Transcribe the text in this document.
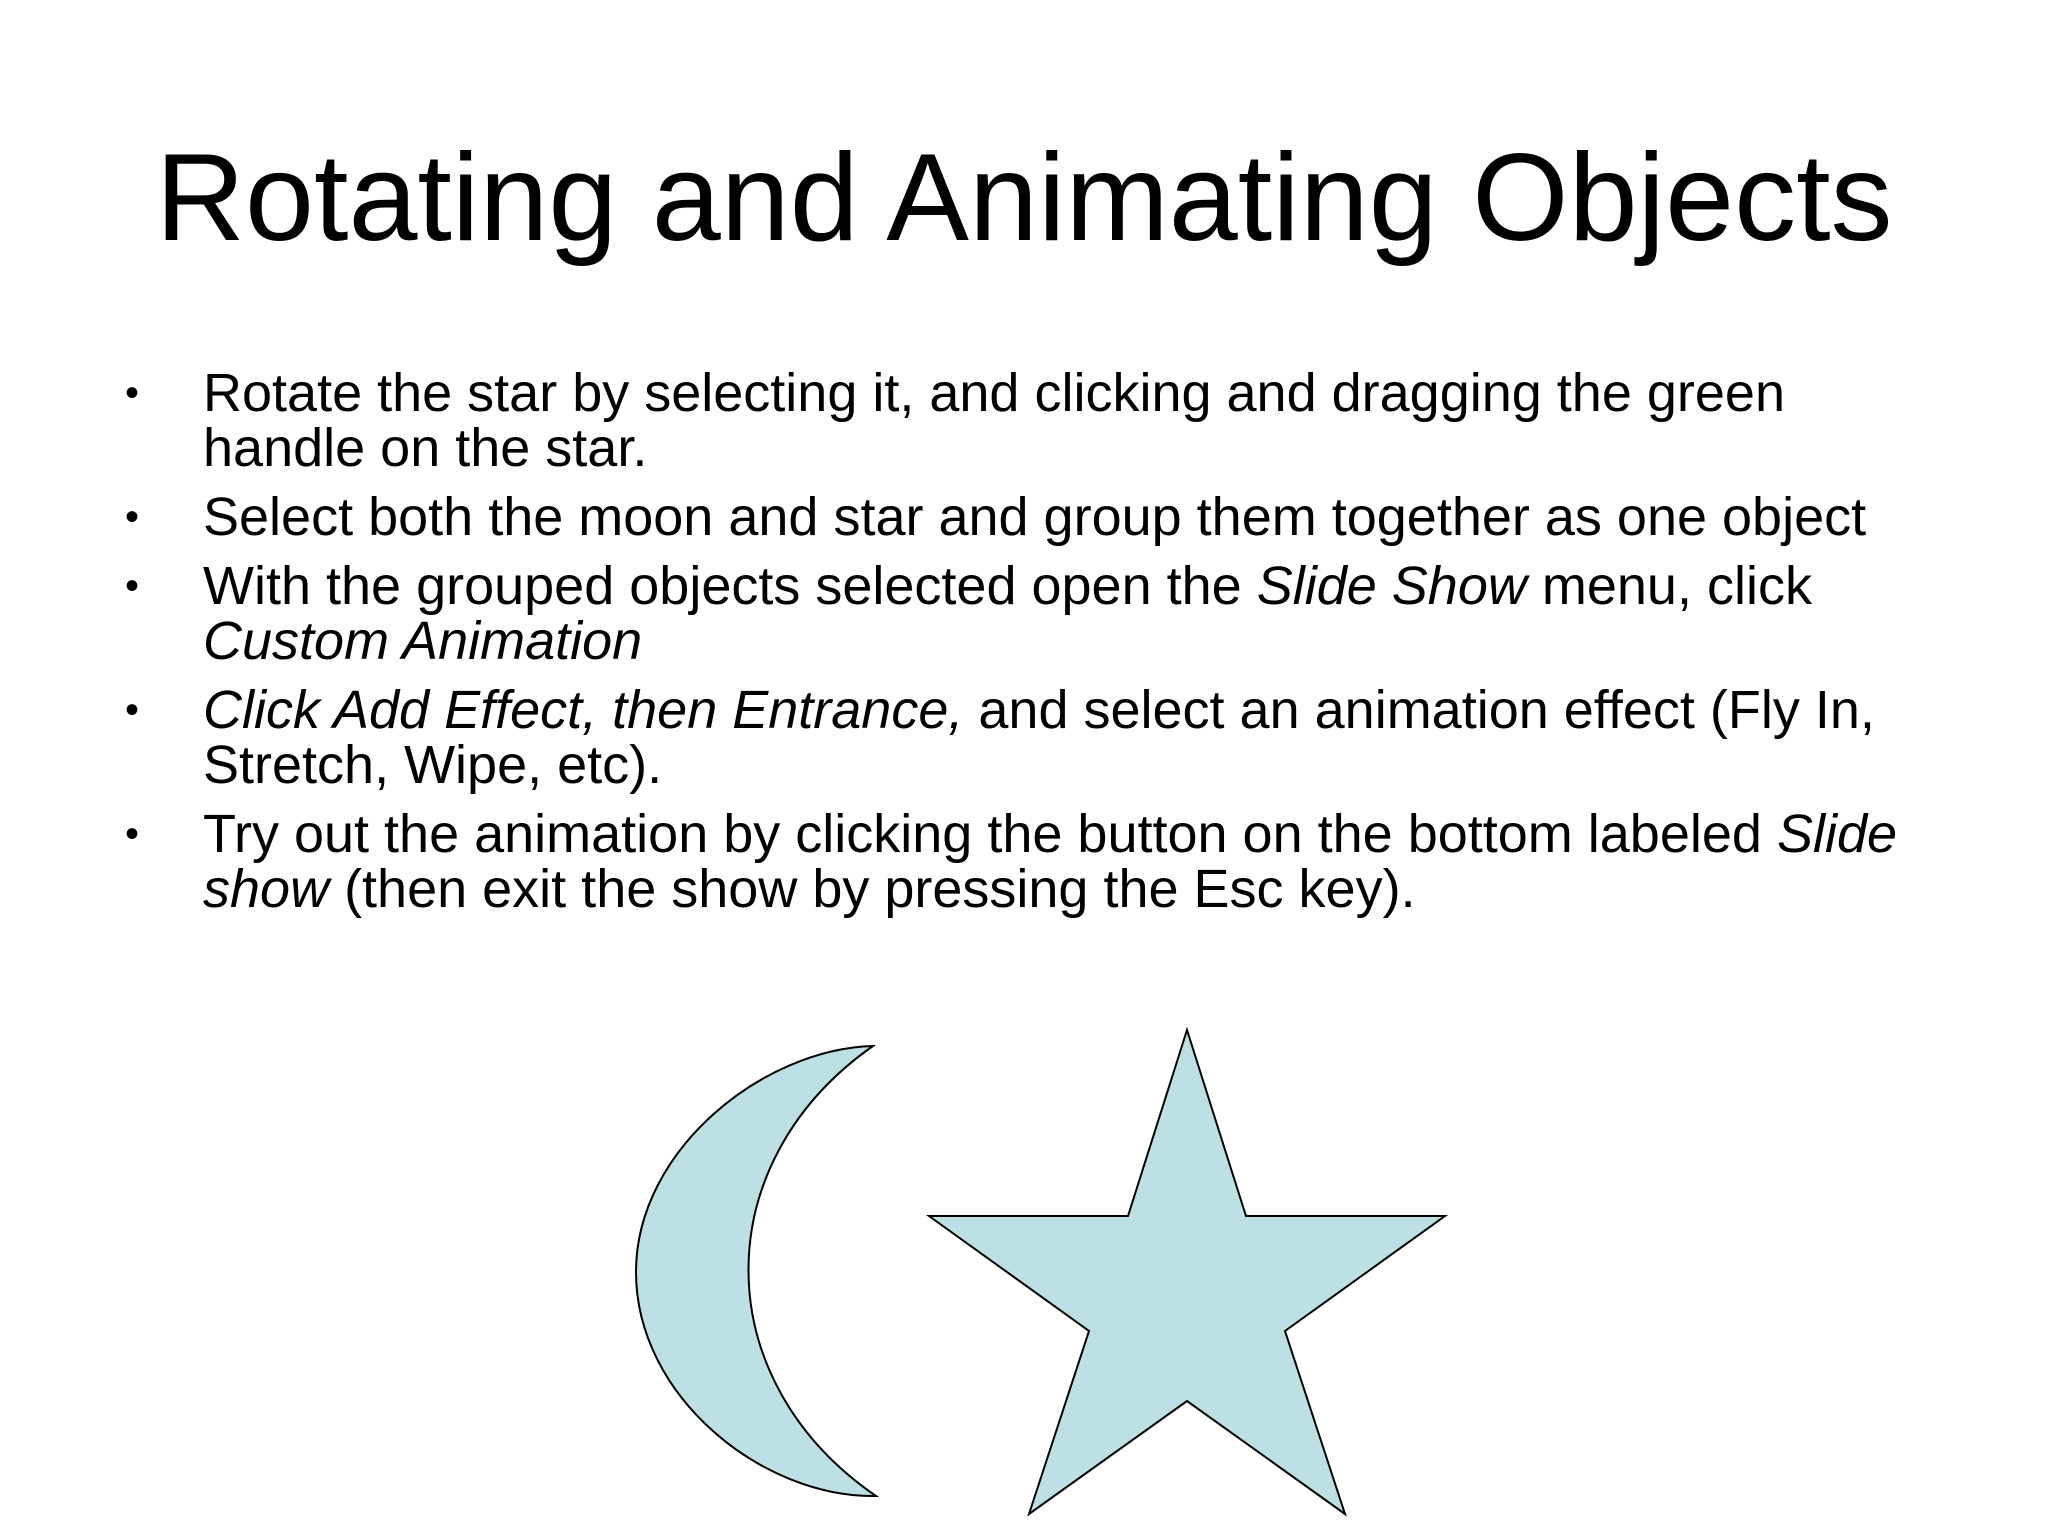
Rotating and Animating Objects
• Rotate the star by selecting it, and clicking and dragging the green handle on the star.
• Select both the moon and star and group them together as one object
• With the grouped objects selected open the Slide Show menu, click Custom Animation
• Click Add Effect, then Entrance, and select an animation effect (Fly In, Stretch, Wipe, etc).
• Try out the animation by clicking the button on the bottom labeled Slide show (then exit the show by pressing the Esc key).
